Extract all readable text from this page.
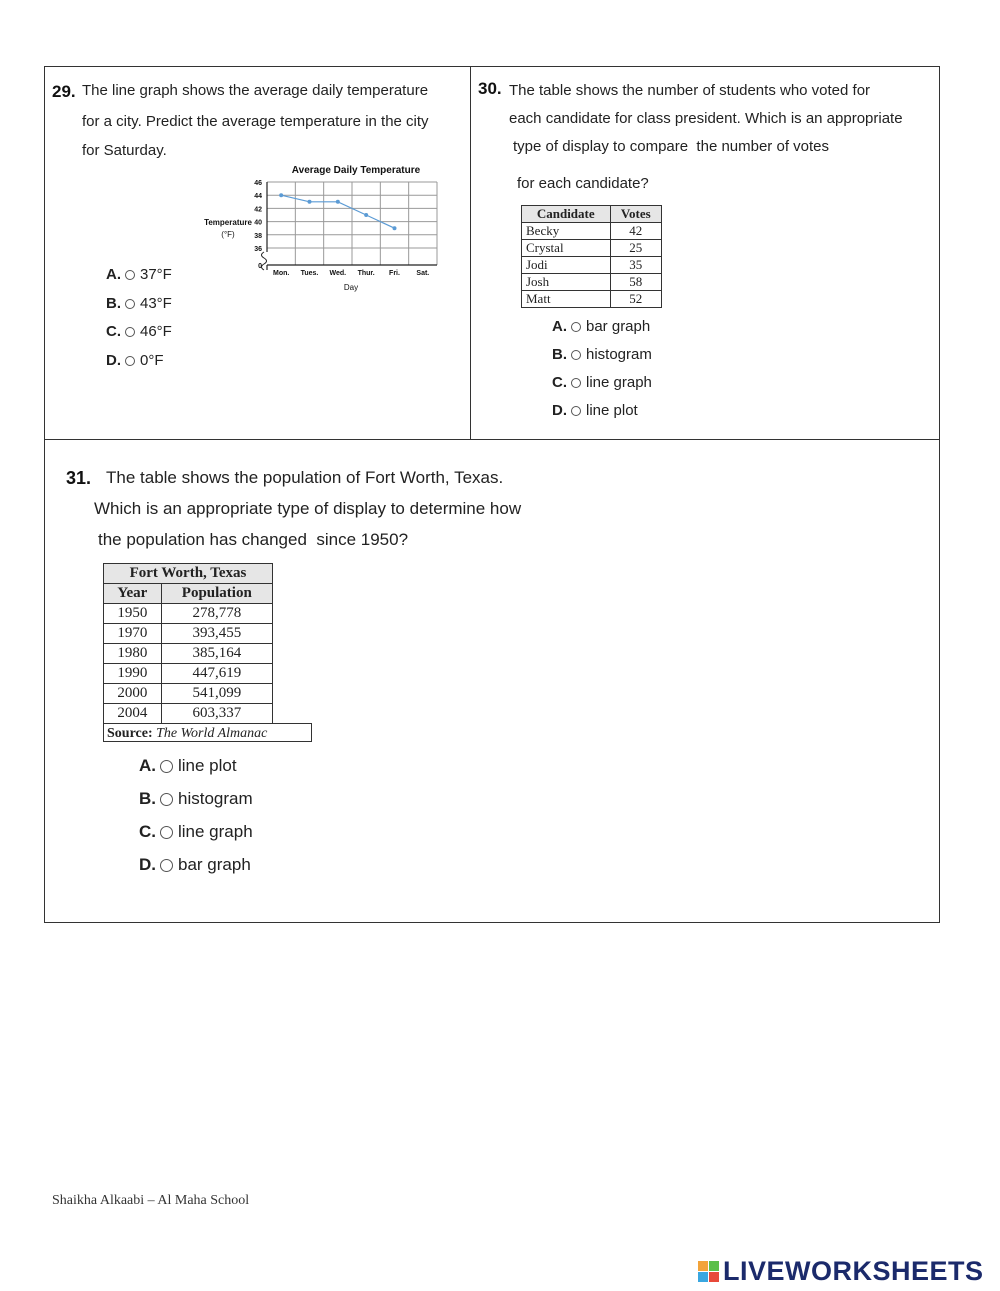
29. The line graph shows the average daily temperature
for a city. Predict the average temperature in the city
for Saturday.
Average Daily Temperature
Temperature
(°F)
Day
46
44
42
40
38
36
0
Mon. Tues. Wed. Thur. Fri. Sat.
A. 37°F
B. 43°F
C. 46°F
D. 0°F
30. The table shows the number of students who voted for
each candidate for class president. Which is an appropriate
type of display to compare  the number of votes
for each candidate?
Candidate	Votes
Becky	42
Crystal	25
Jodi	35
Josh	58
Matt	52
A. bar graph
B. histogram
C. line graph
D. line plot
31. The table shows the population of Fort Worth, Texas.
Which is an appropriate type of display to determine how
the population has changed  since 1950?
Fort Worth, Texas	
Year	Population
1950	278,778
1970	393,455
1980	385,164
1990	447,619
2000	541,099
2004	603,337
Source: The World Almanac
A. line plot
B. histogram
C. line graph
D. bar graph
Shaikha Alkaabi – Al Maha School
LIVEWORKSHEETS
